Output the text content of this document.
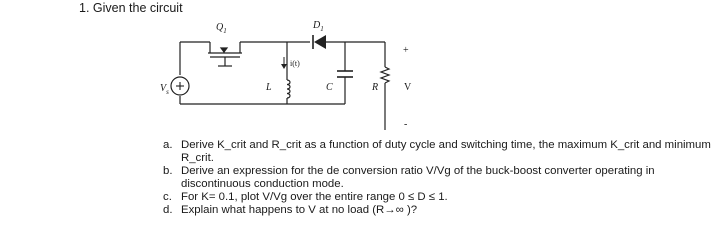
1. Given the circuit
$Q_1$	$D_1$
i(t)
L	C	R	V
+
-
$V_s$
a. Derive K_crit and R_crit as a function of duty cycle and switching time, the maximum K_crit and minimum R_crit.
b. Derive an expression for the de conversion ratio V/Vg of the buck-boost converter operating in discontinuous conduction mode.
c. For K= 0.1, plot V/Vg over the entire range 0 ≤ D ≤ 1.
d. Explain what happens to V at no load (R→∞ )?
